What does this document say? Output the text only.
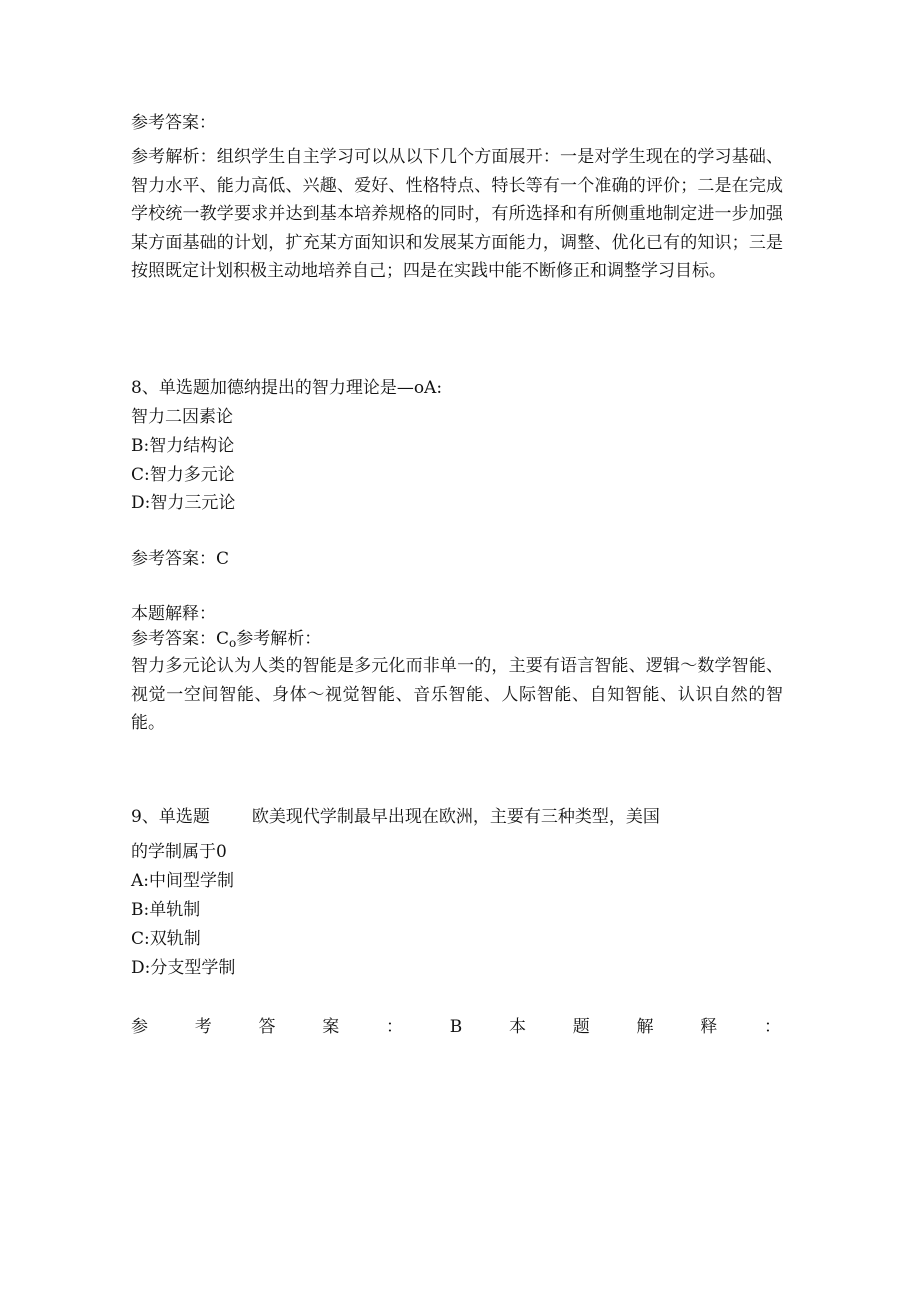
参考答案：
参考解析：组织学生自主学习可以从以下几个方面展开：一是对学生现在的学习基础、智力水平、能力高低、兴趣、爱好、性格特点、特长等有一个准确的评价；二是在完成学校统一教学要求并达到基本培养规格的同时，有所选择和有所侧重地制定进一步加强某方面基础的计划，扩充某方面知识和发展某方面能力，调整、优化已有的知识；三是按照既定计划积极主动地培养自己；四是在实践中能不断修正和调整学习目标。
8、单选题加德纳提出的智力理论是—oA:
智力二因素论
B:智力结构论
C:智力多元论
D:智力三元论
参考答案：C
本题解释：
参考答案：$C_o$参考解析：
智力多元论认为人类的智能是多元化而非单一的，主要有语言智能、逻辑～数学智能、视觉一空间智能、身体～视觉智能、音乐智能、人际智能、自知智能、认识自然的智能。
9、单选题 欧美现代学制最早出现在欧洲，主要有三种类型，美国
的学制属于0
A:中间型学制
B:单轨制
C:双轨制
D:分支型学制
参	考	答	案	：	B	本	题	解	释	：
